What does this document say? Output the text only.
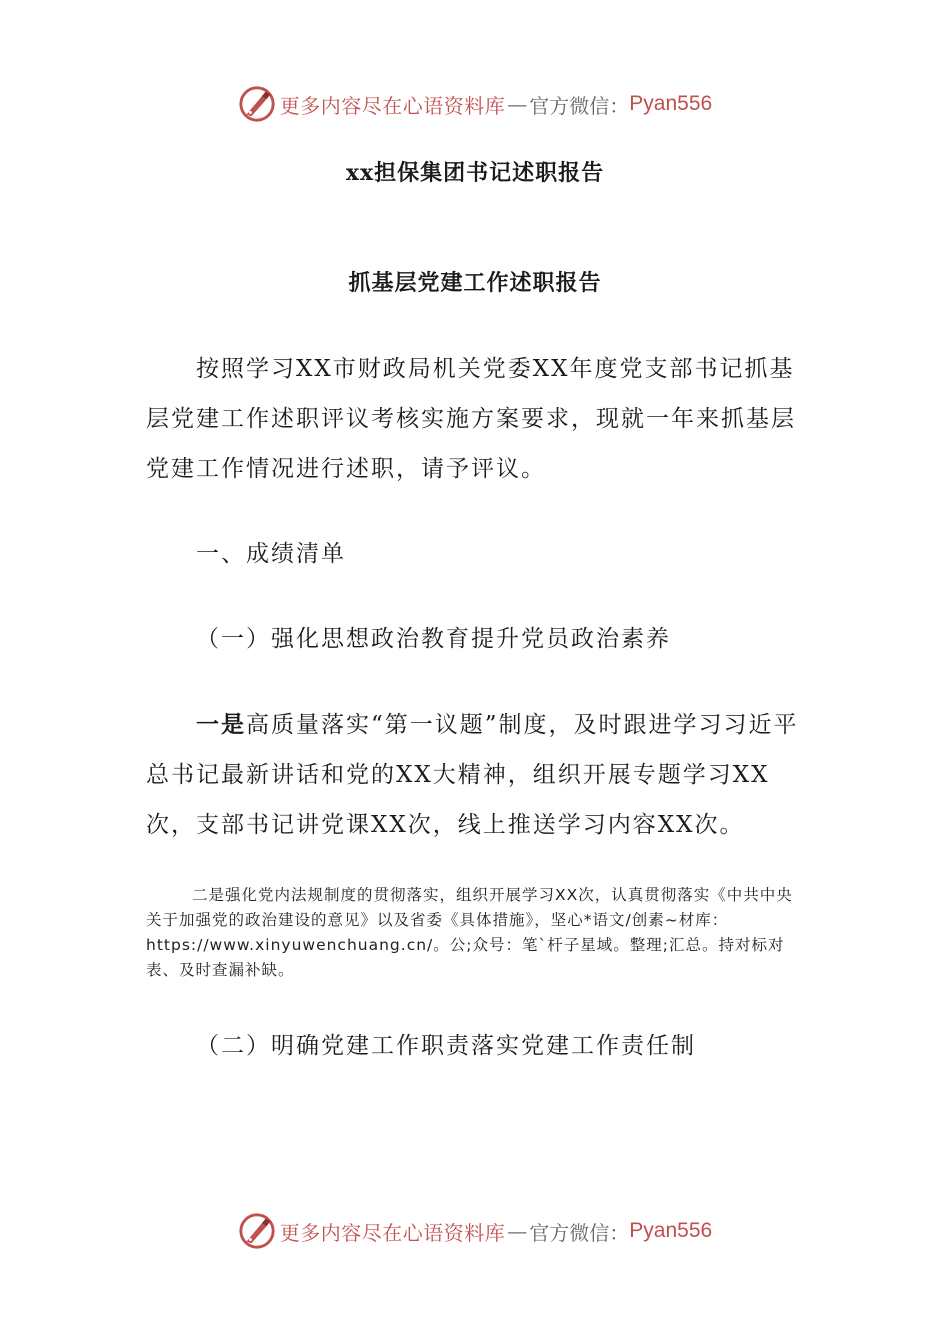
更多内容尽在心语资料库 — 官方微信： Pyan556
xx担保集团书记述职报告
抓基层党建工作述职报告

按照学习XX市财政局机关党委XX年度党支部书记抓基层党建工作述职评议考核实施方案要求，现就一年来抓基层党建工作情况进行述职，请予评议。

一、成绩清单
（一）强化思想政治教育提升党员政治素养

一是高质量落实“第一议题”制度，及时跟进学习习近平总书记最新讲话和党的XX大精神，组织开展专题学习XX次，支部书记讲党课XX次，线上推送学习内容XX次。

二是强化党内法规制度的贯彻落实，组织开展学习XX次，认真贯彻落实《中共中央关于加强党的政治建设的意见》以及省委《具体措施》，坚心*语文/创素~材库：https://www.xinyuwenchuang.cn/。公;众号：笔`杆子星域。整理;汇总。持对标对表、及时查漏补缺。

（二）明确党建工作职责落实党建工作责任制
更多内容尽在心语资料库 — 官方微信： Pyan556
